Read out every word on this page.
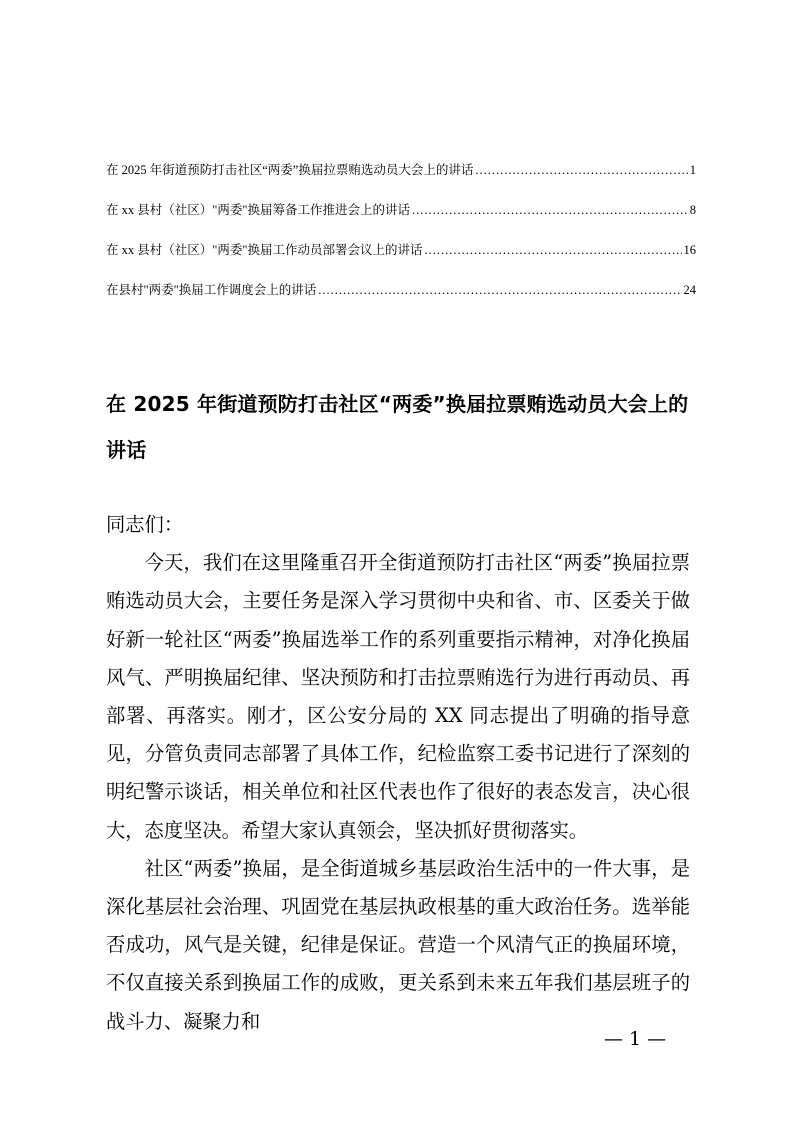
在 2025 年街道预防打击社区“两委”换届拉票贿选动员大会上的讲话 .....	1
在 xx 县村（社区）"两委"换届筹备工作推进会上的讲话 .....	8
在 xx 县村（社区）"两委"换届工作动员部署会议上的讲话 .....	16
在县村"两委"换届工作调度会上的讲话 .....	24
在 2025 年街道预防打击社区“两委”换届拉票贿选动员大会上的讲话

同志们：

今天，我们在这里隆重召开全街道预防打击社区“两委”换届拉票贿选动员大会，主要任务是深入学习贯彻中央和省、市、区委关于做好新一轮社区“两委”换届选举工作的系列重要指示精神，对净化换届风气、严明换届纪律、坚决预防和打击拉票贿选行为进行再动员、再部署、再落实。刚才，区公安分局的 XX 同志提出了明确的指导意见，分管负责同志部署了具体工作，纪检监察工委书记进行了深刻的明纪警示谈话，相关单位和社区代表也作了很好的表态发言，决心很大，态度坚决。希望大家认真领会，坚决抓好贯彻落实。

社区“两委”换届，是全街道城乡基层政治生活中的一件大事，是深化基层社会治理、巩固党在基层执政根基的重大政治任务。选举能否成功，风气是关键，纪律是保证。营造一个风清气正的换届环境，不仅直接关系到换届工作的成败，更关系到未来五年我们基层班子的战斗力、凝聚力和

— 1 —
